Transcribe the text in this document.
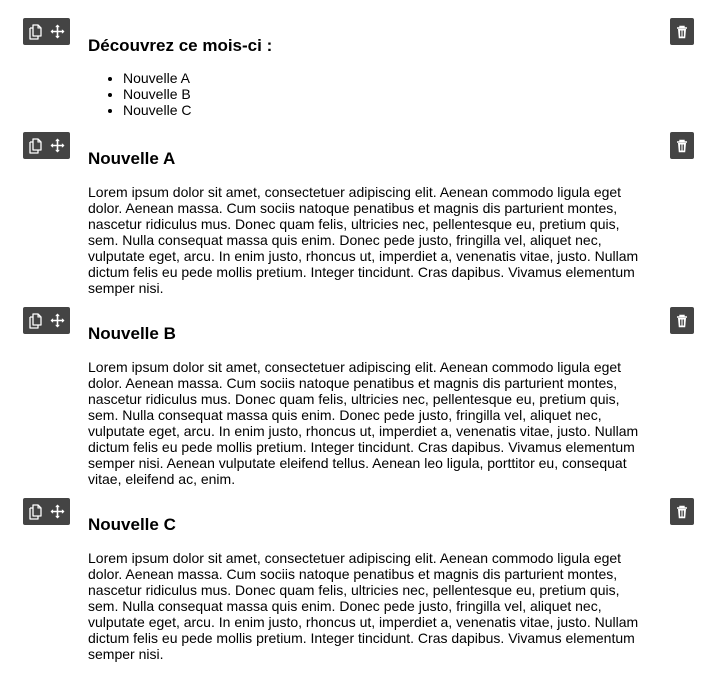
Découvrez ce mois-ci :
• Nouvelle A
• Nouvelle B
• Nouvelle C
Nouvelle A

Lorem ipsum dolor sit amet, consectetuer adipiscing elit. Aenean commodo ligula eget dolor. Aenean massa. Cum sociis natoque penatibus et magnis dis parturient montes, nascetur ridiculus mus. Donec quam felis, ultricies nec, pellentesque eu, pretium quis, sem. Nulla consequat massa quis enim. Donec pede justo, fringilla vel, aliquet nec, vulputate eget, arcu. In enim justo, rhoncus ut, imperdiet a, venenatis vitae, justo. Nullam dictum felis eu pede mollis pretium. Integer tincidunt. Cras dapibus. Vivamus elementum semper nisi.

Nouvelle B

Lorem ipsum dolor sit amet, consectetuer adipiscing elit. Aenean commodo ligula eget dolor. Aenean massa. Cum sociis natoque penatibus et magnis dis parturient montes, nascetur ridiculus mus. Donec quam felis, ultricies nec, pellentesque eu, pretium quis, sem. Nulla consequat massa quis enim. Donec pede justo, fringilla vel, aliquet nec, vulputate eget, arcu. In enim justo, rhoncus ut, imperdiet a, venenatis vitae, justo. Nullam dictum felis eu pede mollis pretium. Integer tincidunt. Cras dapibus. Vivamus elementum semper nisi. Aenean vulputate eleifend tellus. Aenean leo ligula, porttitor eu, consequat vitae, eleifend ac, enim.

Nouvelle C

Lorem ipsum dolor sit amet, consectetuer adipiscing elit. Aenean commodo ligula eget dolor. Aenean massa. Cum sociis natoque penatibus et magnis dis parturient montes, nascetur ridiculus mus. Donec quam felis, ultricies nec, pellentesque eu, pretium quis, sem. Nulla consequat massa quis enim. Donec pede justo, fringilla vel, aliquet nec, vulputate eget, arcu. In enim justo, rhoncus ut, imperdiet a, venenatis vitae, justo. Nullam dictum felis eu pede mollis pretium. Integer tincidunt. Cras dapibus. Vivamus elementum semper nisi.
